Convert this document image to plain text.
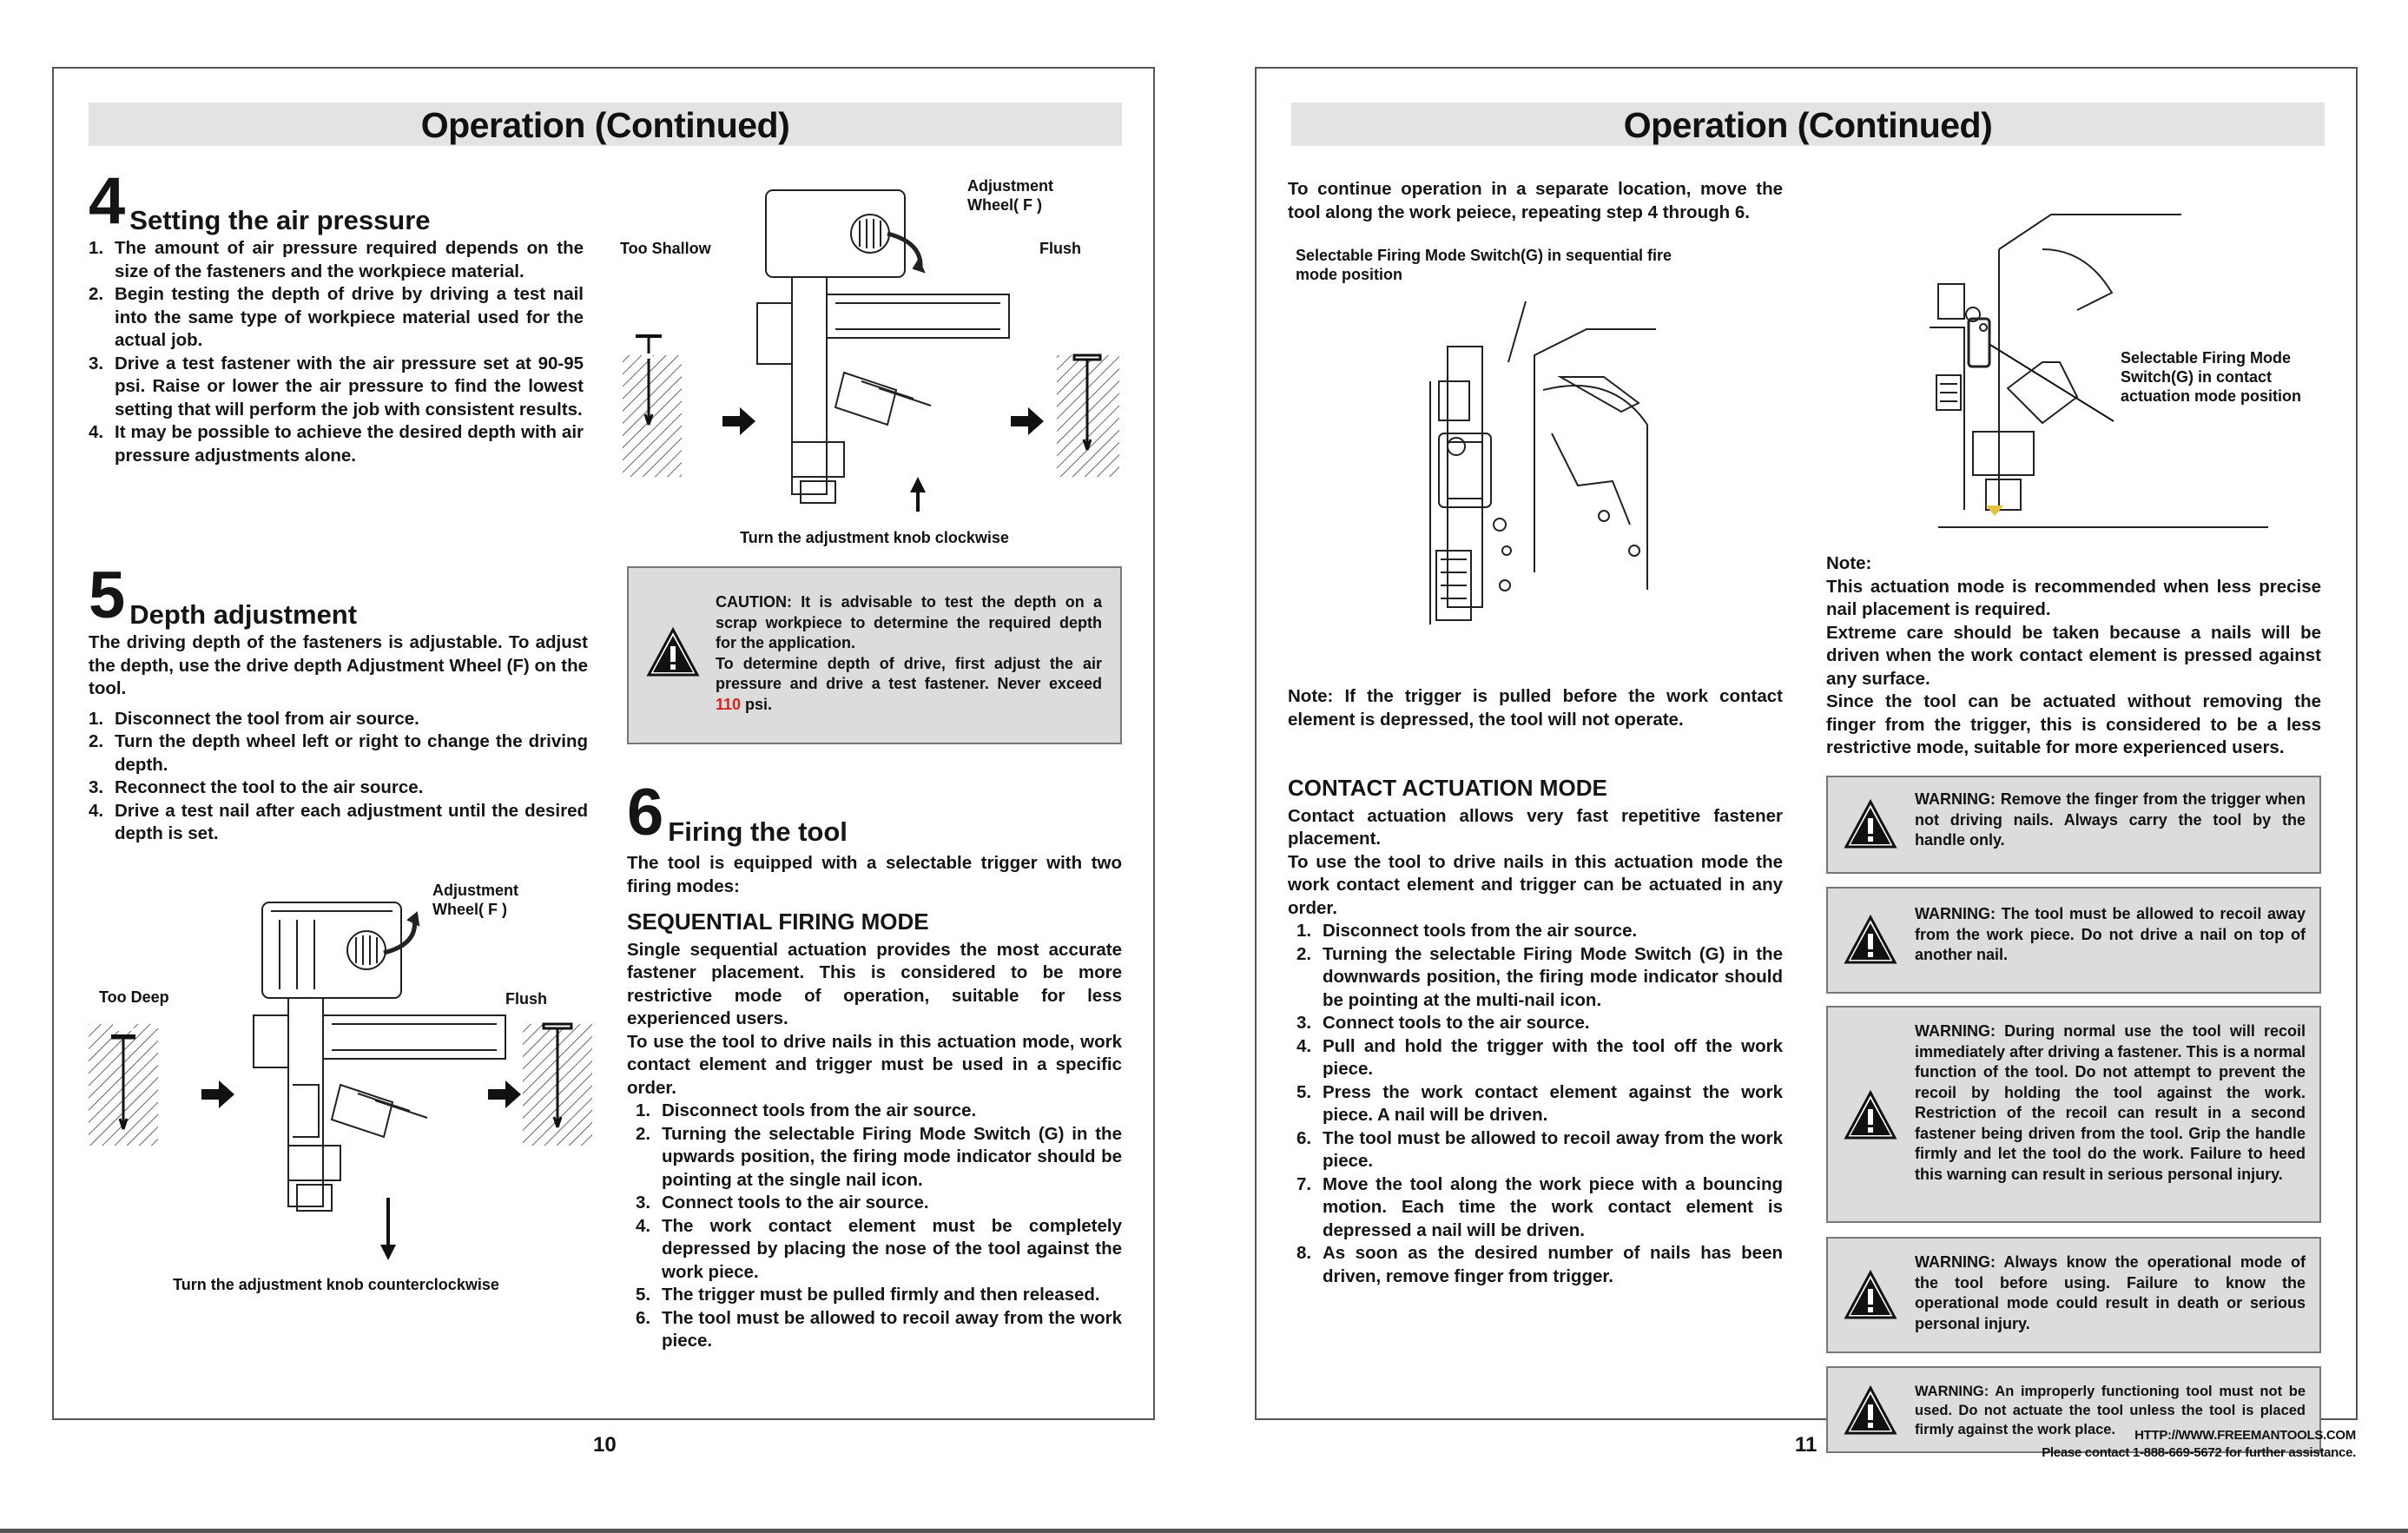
Operation (Continued)
4 Setting the air pressure
1. The amount of air pressure required depends on the size of the fasteners and the workpiece material.
2. Begin testing the depth of drive by driving a test nail into the same type of workpiece material used for the actual job.
3. Drive a test fastener with the air pressure set at 90-95 psi. Raise or lower the air pressure to find the lowest setting that will perform the job with consistent results.
4. It may be possible to achieve the desired depth with air pressure adjustments alone.
5 Depth adjustment
The driving depth of the fasteners is adjustable. To adjust the depth, use the drive depth Adjustment Wheel (F) on the tool.
1. Disconnect the tool from air source.
2. Turn the depth wheel left or right to change the driving depth.
3. Reconnect the tool to the air source.
4. Drive a test nail after each adjustment until the desired depth is set.
Adjustment
Wheel( F )
Too Deep	Flush
Turn the adjustment knob counterclockwise
Adjustment
Wheel( F )
Too Shallow	Flush
Turn the adjustment knob clockwise
CAUTION: It is advisable to test the depth on a scrap workpiece to determine the required depth for the application.
To determine depth of drive, first adjust the air pressure and drive a test fastener. Never exceed 110 psi.
6 Firing the tool
The tool is equipped with a selectable trigger with two firing modes:
SEQUENTIAL FIRING MODE
Single sequential actuation provides the most accurate fastener placement. This is considered to be more restrictive mode of operation, suitable for less experienced users.
To use the tool to drive nails in this actuation mode, work contact element and trigger must be used in a specific order.
1. Disconnect tools from the air source.
2. Turning the selectable Firing Mode Switch (G) in the upwards position, the firing mode indicator should be pointing at the single nail icon.
3. Connect tools to the air source.
4. The work contact element must be completely depressed by placing the nose of the tool against the work piece.
5. The trigger must be pulled firmly and then released.
6. The tool must be allowed to recoil away from the work piece.
10
Operation (Continued)
To continue operation in a separate location, move the tool along the work peiece, repeating step 4 through 6.
Selectable Firing Mode Switch(G) in sequential fire mode position
Note: If the trigger is pulled before the work contact element is depressed, the tool will not operate.
CONTACT ACTUATION MODE
Contact actuation allows very fast repetitive fastener placement.
To use the tool to drive nails in this actuation mode the work contact element and trigger can be actuated in any order.
1. Disconnect tools from the air source.
2. Turning the selectable Firing Mode Switch (G) in the downwards position, the firing mode indicator should be pointing at the multi-nail icon.
3. Connect tools to the air source.
4. Pull and hold the trigger with the tool off the work piece.
5. Press the work contact element against the work piece. A nail will be driven.
6. The tool must be allowed to recoil away from the work piece.
7. Move the tool along the work piece with a bouncing motion. Each time the work contact element is depressed a nail will be driven.
8. As soon as the desired number of nails has been driven, remove finger from trigger.
Selectable Firing Mode
Switch(G) in contact
actuation mode position
Note:
This actuation mode is recommended when less precise nail placement is required.
Extreme care should be taken because a nails will be driven when the work contact element is pressed against any surface.
Since the tool can be actuated without removing the finger from the trigger, this is considered to be a less restrictive mode, suitable for more experienced users.
WARNING: Remove the finger from the trigger when not driving nails. Always carry the tool by the handle only.
WARNING: The tool must be allowed to recoil away from the work piece. Do not drive a nail on top of another nail.
WARNING: During normal use the tool will recoil immediately after driving a fastener. This is a normal function of the tool. Do not attempt to prevent the recoil by holding the tool against the work. Restriction of the recoil can result in a second fastener being driven from the tool. Grip the handle firmly and let the tool do the work. Failure to heed this warning can result in serious personal injury.
WARNING: Always know the operational mode of the tool before using. Failure to know the operational mode could result in death or serious personal injury.
WARNING: An improperly functioning tool must not be used. Do not actuate the tool unless the tool is placed firmly against the work place.
11	HTTP://WWW.FREEMANTOOLS.COM
Please contact 1-888-669-5672 for further assistance.
